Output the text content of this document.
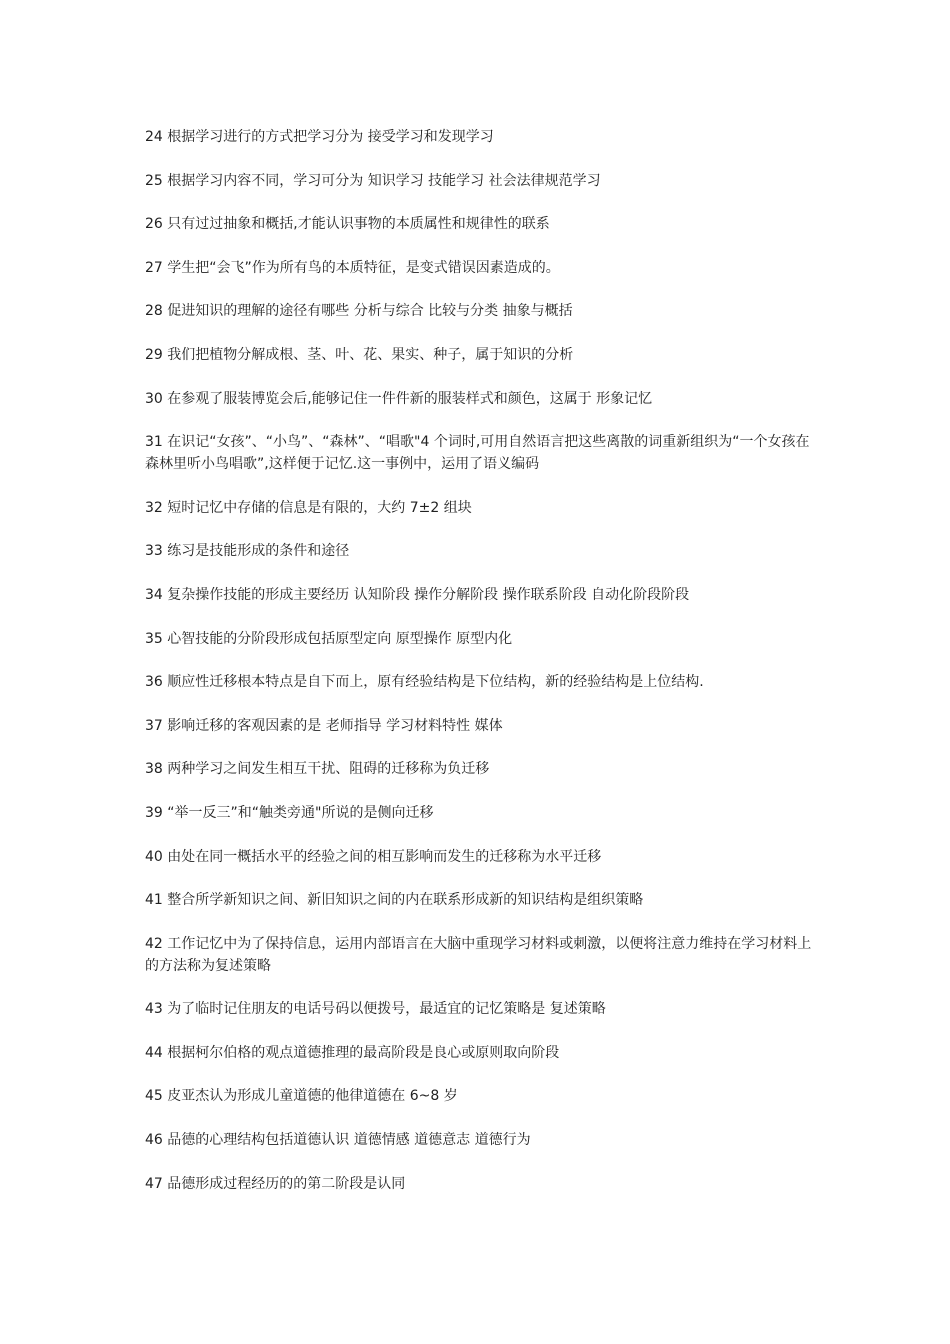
24 根据学习进行的方式把学习分为 接受学习和发现学习
25 根据学习内容不同，学习可分为 知识学习 技能学习 社会法律规范学习
26 只有过过抽象和概括,才能认识事物的本质属性和规律性的联系
27 学生把“会飞”作为所有鸟的本质特征，是变式错误因素造成的。
28 促进知识的理解的途径有哪些 分析与综合 比较与分类 抽象与概括
29 我们把植物分解成根、茎、叶、花、果实、种子，属于知识的分析
30 在参观了服装博览会后,能够记住一件件新的服装样式和颜色，这属于 形象记忆
31 在识记“女孩”、“小鸟”、“森林”、“唱歌"4 个词时,可用自然语言把这些离散的词重新组织为“一个女孩在森林里听小鸟唱歌”,这样便于记忆.这一事例中，运用了语义编码
32 短时记忆中存储的信息是有限的，大约 7±2 组块
33 练习是技能形成的条件和途径
34 复杂操作技能的形成主要经历 认知阶段 操作分解阶段 操作联系阶段 自动化阶段阶段
35 心智技能的分阶段形成包括原型定向 原型操作 原型内化
36 顺应性迁移根本特点是自下而上，原有经验结构是下位结构，新的经验结构是上位结构.
37 影响迁移的客观因素的是 老师指导 学习材料特性 媒体
38 两种学习之间发生相互干扰、阻碍的迁移称为负迁移
39 “举一反三”和“触类旁通"所说的是侧向迁移
40 由处在同一概括水平的经验之间的相互影响而发生的迁移称为水平迁移
41 整合所学新知识之间、新旧知识之间的内在联系形成新的知识结构是组织策略
42 工作记忆中为了保持信息，运用内部语言在大脑中重现学习材料或刺激，以便将注意力维持在学习材料上的方法称为复述策略
43 为了临时记住朋友的电话号码以便拨号，最适宜的记忆策略是 复述策略
44 根据柯尔伯格的观点道德推理的最高阶段是良心或原则取向阶段
45 皮亚杰认为形成儿童道德的他律道德在 6~8 岁
46 品德的心理结构包括道德认识 道德情感 道德意志 道德行为
47 品德形成过程经历的的第二阶段是认同
